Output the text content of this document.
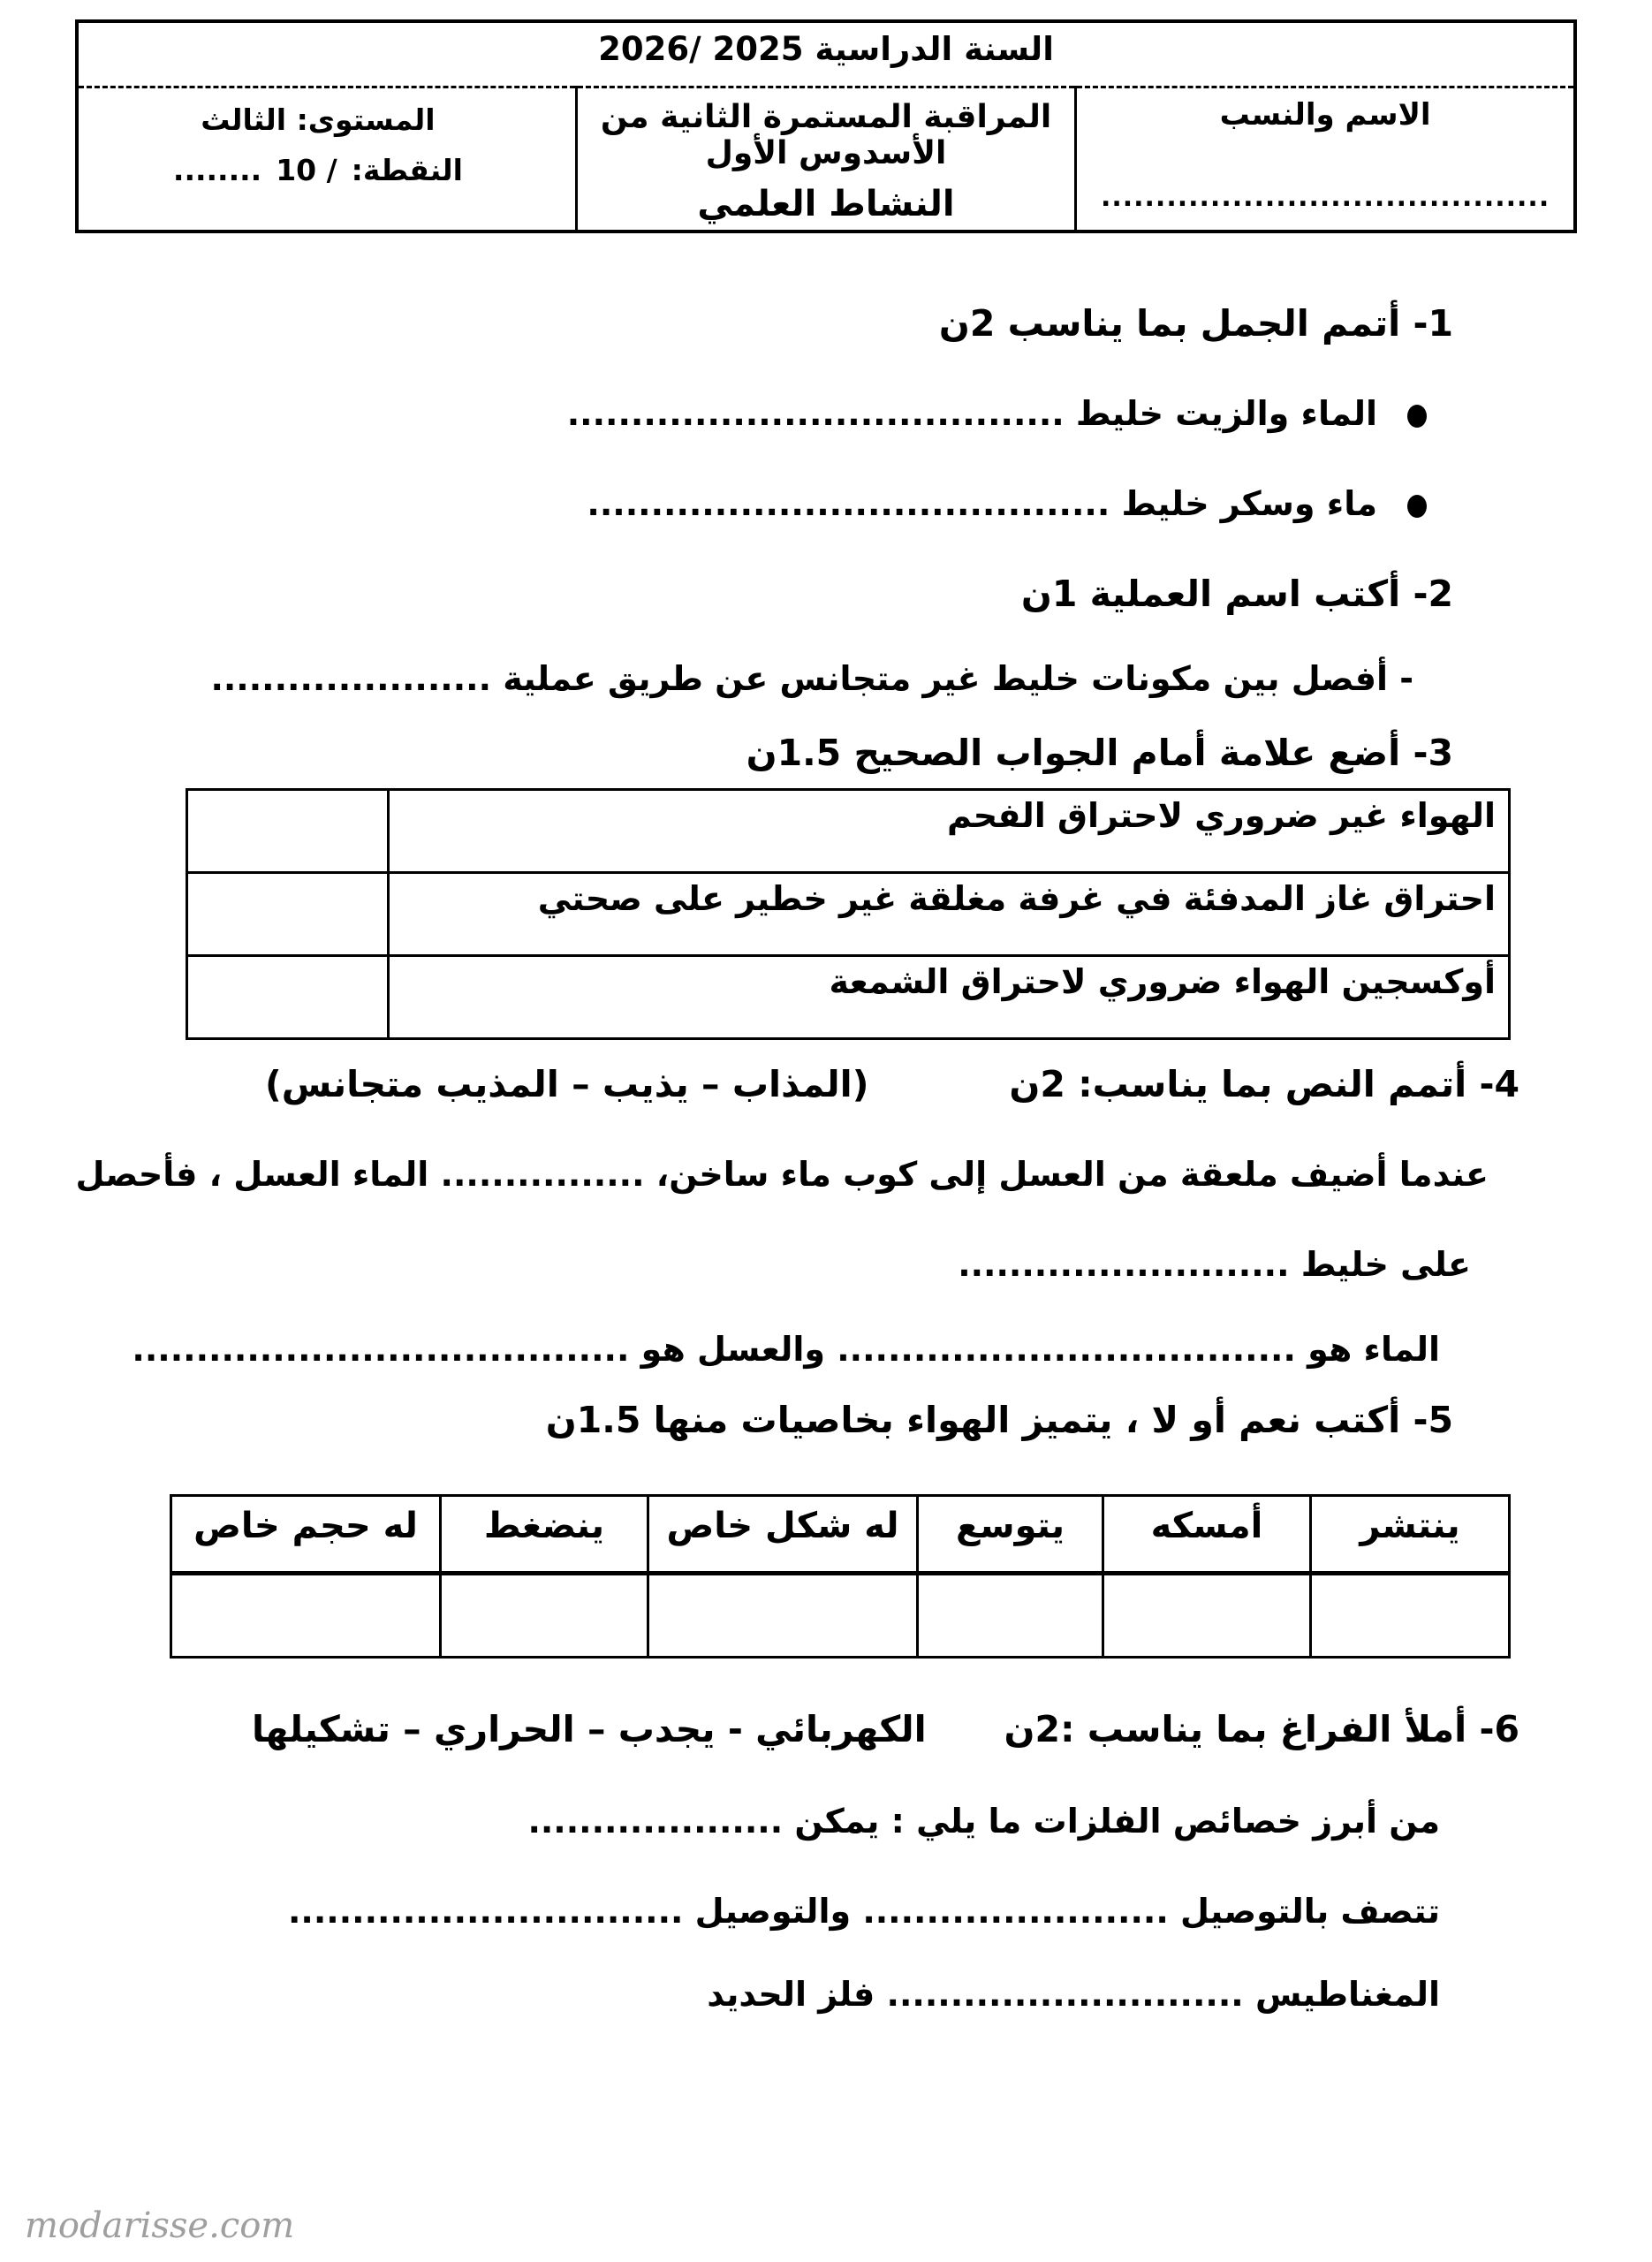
السنة الدراسية 2025 /2026

الاسم والنسب
.........................................

المراقبة المستمرة الثانية من الأسدوس الأول
النشاط العلمي

المستوى: الثالث
النقطة:
10 /
........
1- أتمم الجمل بما يناسب 2ن
الماء والزيت خليط .......................................
ماء وسكر خليط .........................................
2- أكتب اسم العملية 1ن
- أفصل بين مكونات خليط غير متجانس عن طريق عملية ......................
3- أضع علامة أمام الجواب الصحيح 1.5ن
الهواء غير ضروري لاحتراق الفحم	
احتراق غاز المدفئة في غرفة مغلقة غير خطير على صحتي	
أوكسجين الهواء ضروري لاحتراق الشمعة	
4- أتمم النص بما يناسب: 2ن
(المذاب – يذيب – المذيب متجانس)
عندما أضيف ملعقة من العسل إلى كوب ماء ساخن، ................ الماء العسل ، فأحصل
على خليط ..........................
الماء هو .................................... والعسل هو .......................................
5- أكتب نعم أو لا ، يتميز الهواء بخاصيات منها 1.5ن
ينتشر	أمسكه	يتوسع	له شكل خاص	ينضغط	له حجم خاص

6- أملأ الفراغ بما يناسب :2ن
الكهربائي - يجدب – الحراري – تشكيلها
من أبرز خصائص الفلزات ما يلي : يمكن ....................
تتصف بالتوصيل ........................ والتوصيل ...............................
المغناطيس ............................ فلز الحديد
modarisse.com
